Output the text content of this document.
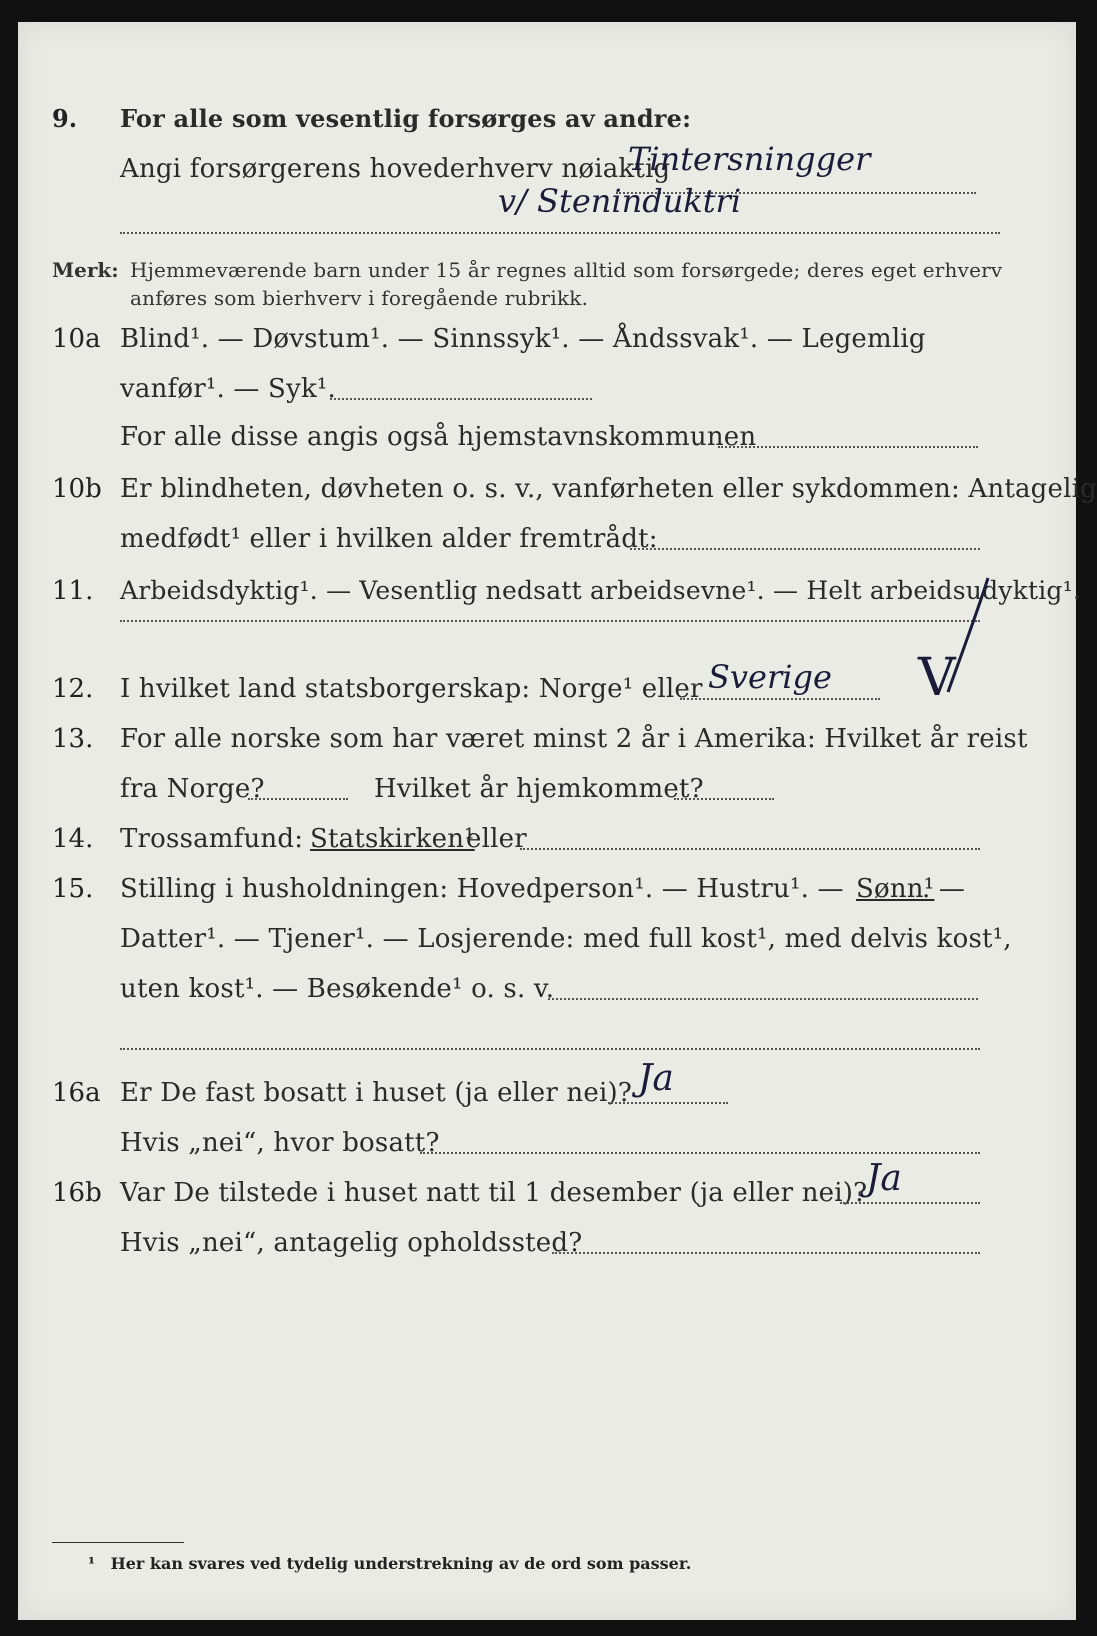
9. For alle som vesentlig forsørges av andre:
Angi forsørgerens hovederhverv nøiaktig
Tintersningger
v/ Steninduktri
Merk: Hjemmeværende barn under 15 år regnes alltid som forsørgede; deres eget erhverv
anføres som bierhverv i foregående rubrikk.
10a Blind¹. — Døvstum¹. — Sinnssyk¹. — Åndssvak¹. — Legemlig
vanfør¹. — Syk¹.
For alle disse angis også hjemstavnskommunen
10b Er blindheten, døvheten o. s. v., vanførheten eller sykdommen: Antagelig
medfødt¹ eller i hvilken alder fremtrådt:
11. Arbeidsdyktig¹. — Vesentlig nedsatt arbeidsevne¹. — Helt arbeidsudyktig¹.
12. I hvilket land statsborgerskap: Norge¹ eller Sverige V
13. For alle norske som har været minst 2 år i Amerika: Hvilket år reist
fra Norge?	Hvilket år hjemkommet?
14. Trossamfund: Statskirken¹
eller
15. Stilling i husholdningen: Hovedperson¹. — Hustru¹. — Sønn¹
. —
Datter¹. — Tjener¹. — Losjerende: med full kost¹, med delvis kost¹,
uten kost¹. — Besøkende¹ o. s. v.
16a Er De fast bosatt i huset (ja eller nei)? Ja
Hvis „nei“, hvor bosatt?
16b Var De tilstede i huset natt til 1 desember (ja eller nei)?
Ja
Hvis „nei“, antagelig opholdssted?
¹ Her kan svares ved tydelig understrekning av de ord som passer.
